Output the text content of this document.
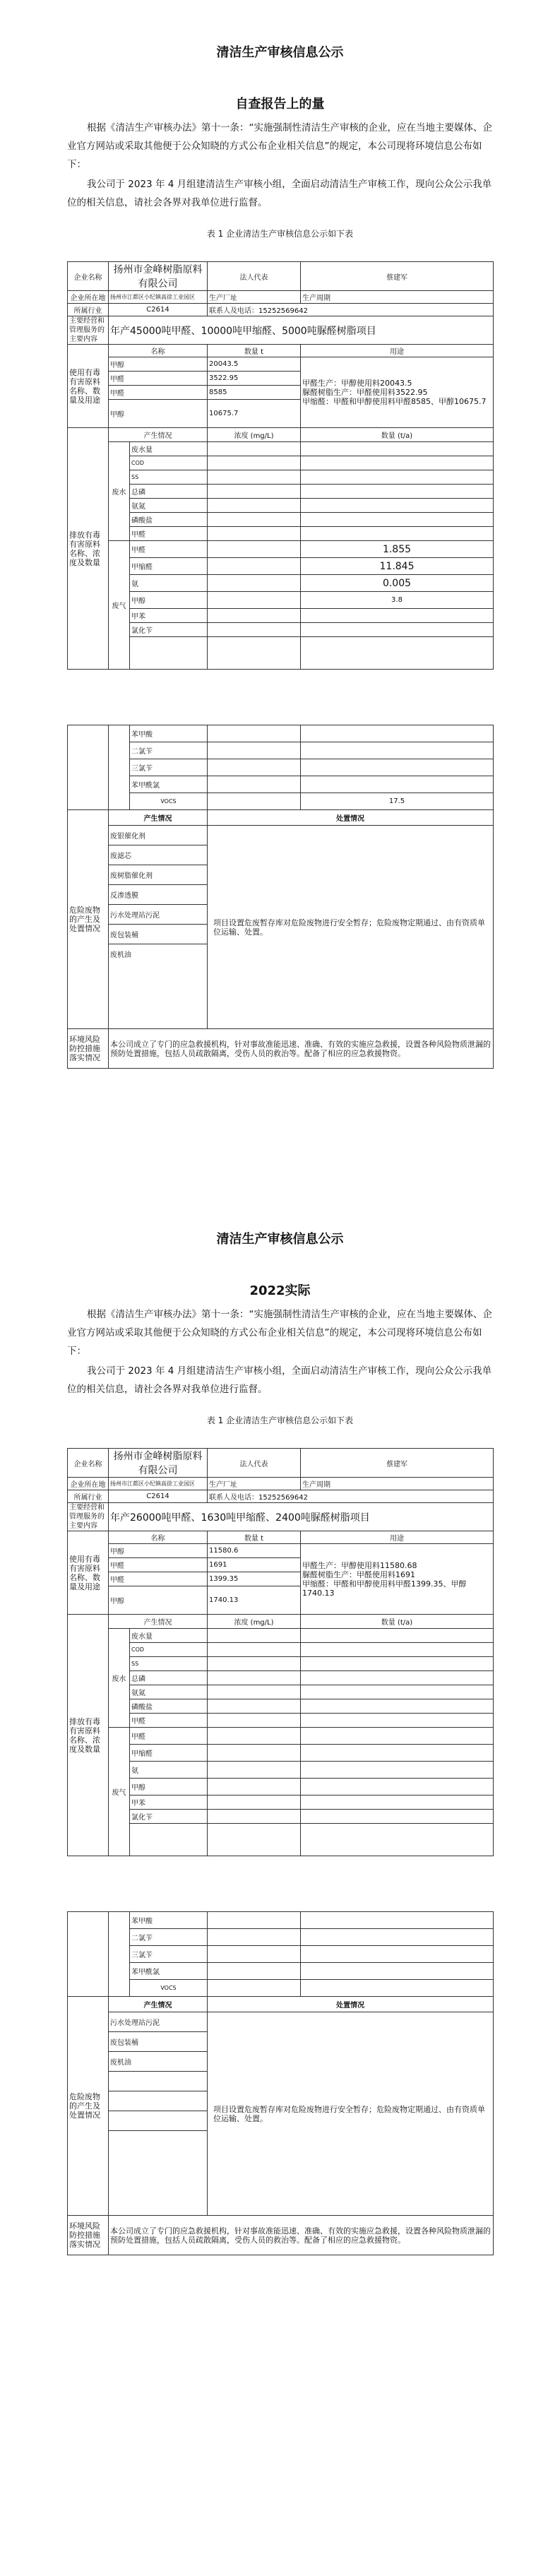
清洁生产审核信息公示
自查报告上的量

根据《清洁生产审核办法》第十一条：“实施强制性清洁生产审核的企业，应在当地主要媒体、企业官方网站或采取其他便于公众知晓的方式公布企业相关信息”的规定，本公司现将环境信息公布如下：

我公司于 2023 年 4 月组建清洁生产审核小组，全面启动清洁生产审核工作，现向公众公示我单位的相关信息，请社会各界对我单位进行监督。

表 1 企业清洁生产审核信息公示如下表
企业名称	扬州市金峰树脂原料有限公司		法人代表	蔡建军
企业所在地	扬州市江都区小纪镇高徐工业园区		生产厂址	生产周期
所属行业	C2614		联系人及电话：15252569642	
主要经营和管理服务的主要内容	年产45000吨甲醛、10000吨甲缩醛、5000吨脲醛树脂项目			
使用有毒有害原料名称、数 量及用途	名称		数量 t	用途
	甲醇		20043.5	甲醛生产：甲醇使用料20043.5
脲醛树脂生产：甲醛使用料3522.95
甲缩醛：甲醛和甲醇使用料甲醛8585、甲醇10675.7
	甲醛		3522.95	
	甲醛		8585	
	甲醇		10675.7	
排放有毒有害原料名称、浓度及数量	产生情况		浓度 (mg/L)	数量 (t/a)
	废水	废水量		
		COD		
		SS		
		总磷		
		氨氮		
		磷酸盐		
		甲醛		
	废气	甲醛		1.855
		甲缩醛		11.845
		氨		0.005
		甲醇		3.8
		甲苯		
		氯化苄		

		苯甲酸		
		二氯苄		
		三氯苄		
		苯甲酰氯		
		VOCS		17.5
危险废物的产生及处置情况	产生情况		处置情况	
	废银催化剂		项目设置危废暂存库对危险废物进行安全暂存；危险废物定期通过、由有资质单位运输、处置。	
	废滤芯			
	废树脂催化剂			
	反渗透膜			
	污水处理站污泥			
	废包装桶			
	废机油			
环境风险防控措施落实情况	本公司成立了专门的应急救援机构，针对事故准能迅速、准确、有效的实施应急救援，设置各种风险物质泄漏的预防处置措施，包括人员疏散隔离，受伤人员的救治等。配备了相应的应急救援物资。			
清洁生产审核信息公示
2022实际

根据《清洁生产审核办法》第十一条：“实施强制性清洁生产审核的企业，应在当地主要媒体、企业官方网站或采取其他便于公众知晓的方式公布企业相关信息”的规定，本公司现将环境信息公布如下：

我公司于 2023 年 4 月组建清洁生产审核小组，全面启动清洁生产审核工作，现向公众公示我单位的相关信息，请社会各界对我单位进行监督。

表 1 企业清洁生产审核信息公示如下表
企业名称	扬州市金峰树脂原料有限公司		法人代表	蔡建军
企业所在地	扬州市江都区小纪镇高徐工业园区		生产厂址	生产周期
所属行业	C2614		联系人及电话：15252569642	
主要经营和管理服务的主要内容	年产26000吨甲醛、1630吨甲缩醛、2400吨脲醛树脂项目			
使用有毒有害原料名称、数 量及用途	名称		数量 t	用途
	甲醇		11580.6	甲醛生产：甲醇使用料11580.68
脲醛树脂生产：甲醛使用料1691
甲缩醛：甲醛和甲醇使用料甲醛1399.35、甲醇1740.13
	甲醛		1691	
	甲醛		1399.35	
	甲醇		1740.13	
排放有毒有害原料名称、浓度及数量	产生情况		浓度 (mg/L)	数量 (t/a)
	废水	废水量		
		COD		
		SS		
		总磷		
		氨氮		
		磷酸盐		
		甲醛		
	废气	甲醛		
		甲缩醛		
		氨		
		甲醇		
		甲苯		
		氯化苄		

		苯甲酸		
		二氯苄		
		三氯苄		
		苯甲酰氯		
		VOCS		
危险废物的产生及处置情况	产生情况		处置情况	
	污水处理站污泥		项目设置危废暂存库对危险废物进行安全暂存；危险废物定期通过、由有资质单位运输、处置。	
	废包装桶			
	废机油			

环境风险防控措施落实情况	本公司成立了专门的应急救援机构，针对事故准能迅速、准确、有效的实施应急救援，设置各种风险物质泄漏的预防处置措施，包括人员疏散隔离，受伤人员的救治等。配备了相应的应急救援物资。			
